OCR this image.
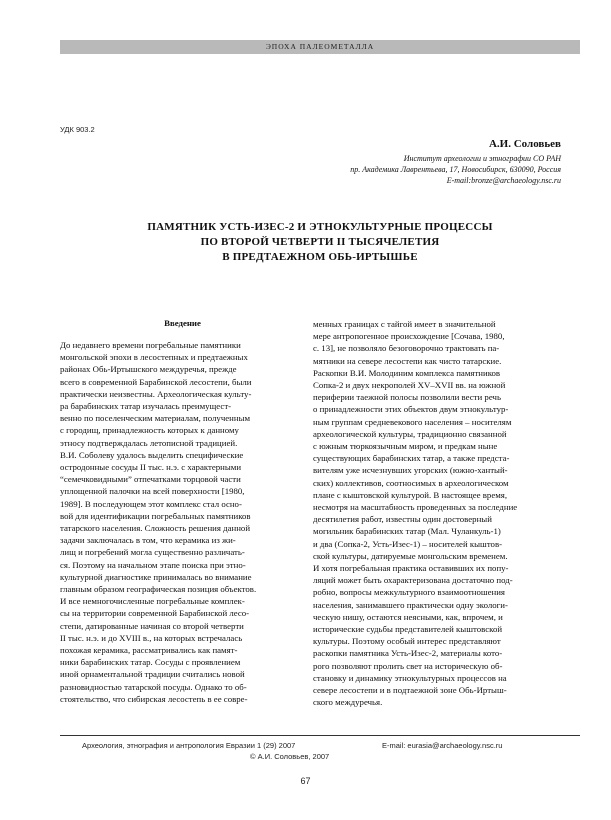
ЭПОХА ПАЛЕОМЕТАЛЛА
УДК 903.2
А.И. Соловьев
Институт археологии и этнографии СО РАН
пр. Академика Лаврентьева, 17, Новосибирск, 630090, Россия
E-mail:bronze@archaeology.nsc.ru
ПАМЯТНИК УСТЬ-ИЗЕС-2 И ЭТНОКУЛЬТУРНЫЕ ПРОЦЕССЫ
ПО ВТОРОЙ ЧЕТВЕРТИ II ТЫСЯЧЕЛЕТИЯ
В ПРЕДТАЕЖНОМ ОБЬ-ИРТЫШЬЕ
Введение
До недавнего времени погребальные памятники
монгольской эпохи в лесостепных и предтаежных
районах Обь-Иртышского междуречья, прежде
всего в современной Барабинской лесостепи, были
практически неизвестны. Археологическая культу-
ра барабинских татар изучалась преимущест-
венно по поселенческим материалам, полученным
с городищ, принадлежность которых к данному
этносу подтверждалась летописной традицией.
В.И. Соболеву удалось выделить специфические
остродонные сосуды II тыс. н.э. с характерными
“семечковидными” отпечатками торцовой части
уплощенной палочки на всей поверхности [1980,
1989]. В последующем этот комплекс стал осно-
вой для идентификации погребальных памятников
татарского населения. Сложность решения данной
задачи заключалась в том, что керамика из жи-
лищ и погребений могла существенно различать-
ся. Поэтому на начальном этапе поиска при этно-
культурной диагностике принималась во внимание
главным образом географическая позиция объектов.
И все немногочисленные погребальные комплек-
сы на территории современной Барабинской лесо-
степи, датированные начиная со второй четверти
II тыс. н.э. и до XVIII в., на которых встречалась
похожая керамика, рассматривались как памят-
ники барабинских татар. Сосуды с проявлением
иной орнаментальной традиции считались новой
разновидностью татарской посуды. Однако то об-
стоятельство, что сибирская лесостепь в ее совре-
менных границах с тайгой имеет в значительной
мере антропогенное происхождение [Сочава, 1980,
с. 13], не позволяло безоговорочно трактовать па-
мятники на севере лесостепи как чисто татарские.
Раскопки В.И. Молодиним комплекса памятников
Сопка-2 и двух некрополей XV–XVII вв. на южной
периферии таежной полосы позволили вести речь
о принадлежности этих объектов двум этнокультур-
ным группам средневекового населения – носителям
археологической культуры, традиционно связанной
с южным тюркоязычным миром, и предкам ныне
существующих барабинских татар, а также предста-
вителям уже исчезнувших угорских (южно-хантый-
ских) коллективов, соотносимых в археологическом
плане с кыштовской культурой. В настоящее время,
несмотря на масштабность проведенных за последние
десятилетия работ, известны один достоверный
могильник барабинских татар (Мал. Чуланкуль-1)
и два (Сопка-2, Усть-Изес-1) – носителей кыштов-
ской культуры, датируемые монгольским временем.
И хотя погребальная практика оставивших их попу-
ляций может быть охарактеризована достаточно под-
робно, вопросы межкультурного взаимоотношения
населения, занимавшего практически одну экологи-
ческую нишу, остаются неясными, как, впрочем, и
исторические судьбы представителей кыштовской
культуры. Поэтому особый интерес представляют
раскопки памятника Усть-Изес-2, материалы кото-
рого позволяют пролить свет на историческую об-
становку и динамику этнокультурных процессов на
севере лесостепи и в подтаежной зоне Обь-Иртыш-
ского междуречья.
Археология, этнография и антропология Евразии 1 (29) 2007	E-mail: eurasia@archaeology.nsc.ru
© А.И. Соловьев, 2007
67
